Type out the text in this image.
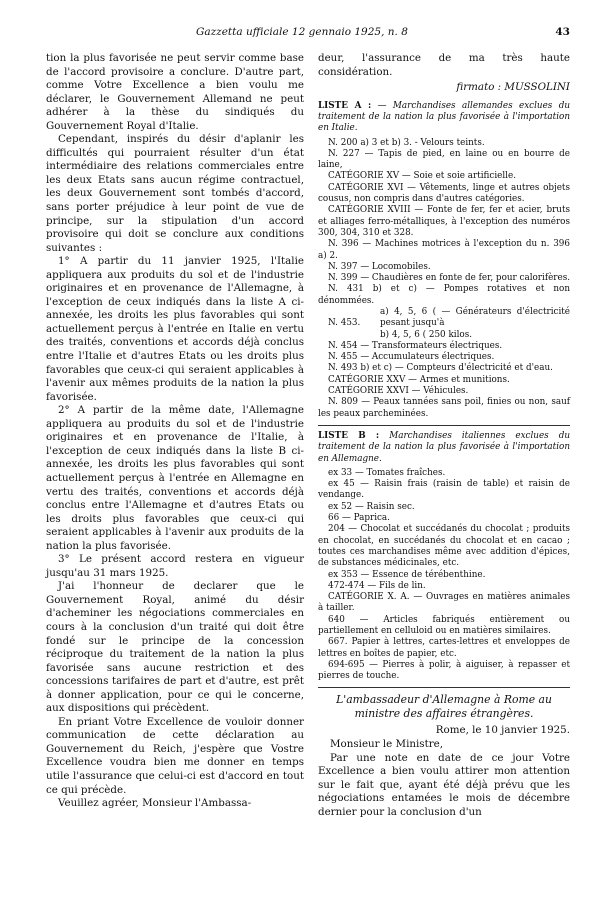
Gazzetta ufficiale 12 gennaio 1925, n. 8	43

tion la plus favorisée ne peut servir comme base de l'accord provisoire a conclure. D'autre part, comme Votre Excellence a bien voulu me déclarer, le Gouvernement Allemand ne peut adhérer à la thèse du sindiqués du Gouvernement Royal d'Italie.

Cependant, inspirés du désir d'aplanir les difficultés qui pourraient résulter d'un état intermédiaire des relations commerciales entre les deux Etats sans aucun régime contractuel, les deux Gouvernement sont tombés d'accord, sans porter préjudice à leur point de vue de principe, sur la stipulation d'un accord provisoire qui doit se conclure aux conditions suivantes :

1° A partir du 11 janvier 1925, l'Italie appliquera aux produits du sol et de l'industrie originaires et en provenance de l'Allemagne, à l'exception de ceux indiqués dans la liste A ci-annexée, les droits les plus favorables qui sont actuellement perçus à l'entrée en Italie en vertu des traités, conventions et accords déjà conclus entre l'Italie et d'autres Etats ou les droits plus favorables que ceux-ci qui seraient applicables à l'avenir aux mêmes produits de la nation la plus favorisée.

2° A partir de la même date, l'Allemagne appliquera au produits du sol et de l'industrie originaires et en provenance de l'Italie, à l'exception de ceux indiqués dans la liste B ci-annexée, les droits les plus favorables qui sont actuellement perçus à l'entrée en Allemagne en vertu des traités, conventions et accords déjà conclus entre l'Allemagne et d'autres Etats ou les droits plus favorables que ceux-ci qui seraient applicables à l'avenir aux produits de la nation la plus favorisée.

3° Le présent accord restera en vigueur jusqu'au 31 mars 1925.

J'ai l'honneur de declarer que le Gouvernement Royal, animé du désir d'acheminer les négociations commerciales en cours à la conclusion d'un traité qui doit être fondé sur le principe de la concession réciproque du traitement de la nation la plus favorisée sans aucune restriction et des concessions tarifaires de part et d'autre, est prêt à donner application, pour ce qui le concerne, aux dispositions qui précèdent.

En priant Votre Excellence de vouloir donner communication de cette déclaration au Gouvernement du Reich, j'espère que Vostre Excellence voudra bien me donner en temps utile l'assurance que celui-ci est d'accord en tout ce qui précède.

Veuillez agréer, Monsieur l'Ambassa-

deur, l'assurance de ma très haute considération.

firmato : MUSSOLINI

LISTE A : — Marchandises allemandes exclues du traitement de la nation la plus favorisée à l'importation en Italie.

N. 200 a) 3 et b) 3. - Velours teints.

N. 227 — Tapis de pied, en laine ou en bourre de laine,

CATÉGORIE XV — Soie et soie artificielle.

CATÉGORIE XVI — Vêtements, linge et autres objets cousus, non compris dans d'autres catégories.

CATÉGORIE XVIII — Fonte de fer, fer et acier, bruts et alliages ferro-métalliques, à l'exception des numéros 300, 304, 310 et 328.

N. 396 — Machines motrices à l'exception du n. 396 a) 2.

N. 397 — Locomobiles.

N. 399 — Chaudières en fonte de fer, pour calorifères.

N. 431 b) et c) — Pompes rotatives et non dénommées.

N. 453.
a) 4, 5, 6 ( — Générateurs d'électricité pesant jusqu'à
b) 4, 5, 6 ( 250 kilos.

N. 454 — Transformateurs électriques.

N. 455 — Accumulateurs électriques.

N. 493 b) et c) — Compteurs d'électricité et d'eau.

CATÉGORIE XXV — Armes et munitions.

CATÉGORIE XXVI — Véhicules.

N. 809 — Peaux tannées sans poil, finies ou non, sauf les peaux parcheminées.

LISTE B : Marchandises italiennes exclues du traitement de la nation la plus favorisée à l'importation en Allemagne.

ex 33 — Tomates fraîches.

ex 45 — Raisin frais (raisin de table) et raisin de vendange.

ex 52 — Raisin sec.

66 — Paprica.

204 — Chocolat et succédanés du chocolat ; produits en chocolat, en succédanés du chocolat et en cacao ; toutes ces marchandises même avec addition d'épices, de substances médicinales, etc.

ex 353 — Essence de térébenthine.

472-474 — Fils de lin.

CATÉGORIE X. A. — Ouvrages en matières animales à tailler.

640 — Articles fabriqués entièrement ou partiellement en celluloid ou en matières similaires.

667. Papier à lettres, cartes-lettres et enveloppes de lettres en boîtes de papier, etc.

694-695 — Pierres à polir, à aiguiser, à repasser et pierres de touche.

L'ambassadeur d'Allemagne à Rome au ministre des affaires étrangères.

Rome, le 10 janvier 1925.

Monsieur le Ministre,

Par une note en date de ce jour Votre Excellence a bien voulu attirer mon attention sur le fait que, ayant été déjà prévu que les négociations entamées le mois de décembre dernier pour la conclusion d'un
